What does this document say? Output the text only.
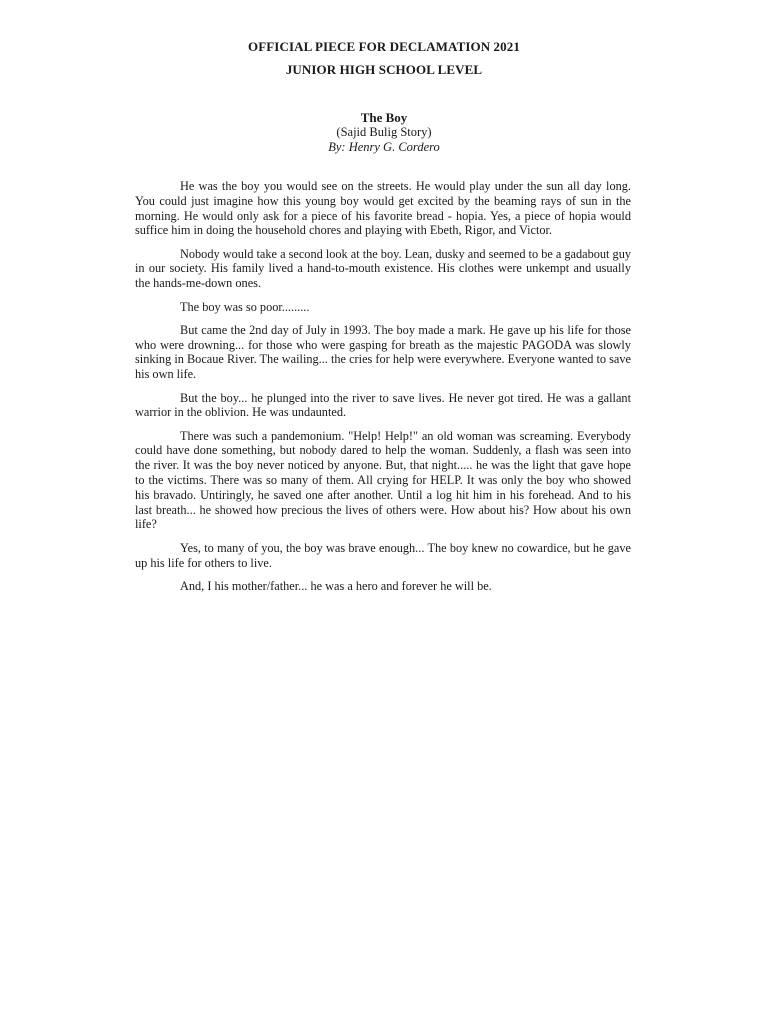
OFFICIAL PIECE FOR DECLAMATION 2021
JUNIOR HIGH SCHOOL LEVEL
The Boy
(Sajid Bulig Story)
By: Henry G. Cordero

He was the boy you would see on the streets. He would play under the sun all day long. You could just imagine how this young boy would get excited by the beaming rays of sun in the morning. He would only ask for a piece of his favorite bread - hopia. Yes, a piece of hopia would suffice him in doing the household chores and playing with Ebeth, Rigor, and Victor.

Nobody would take a second look at the boy. Lean, dusky and seemed to be a gadabout guy in our society. His family lived a hand-to-mouth existence. His clothes were unkempt and usually the hands-me-down ones.

The boy was so poor.........

But came the 2nd day of July in 1993. The boy made a mark. He gave up his life for those who were drowning... for those who were gasping for breath as the majestic PAGODA was slowly sinking in Bocaue River. The wailing... the cries for help were everywhere. Everyone wanted to save his own life.

But the boy... he plunged into the river to save lives. He never got tired. He was a gallant warrior in the oblivion. He was undaunted.

There was such a pandemonium. "Help! Help!" an old woman was screaming. Everybody could have done something, but nobody dared to help the woman. Suddenly, a flash was seen into the river. It was the boy never noticed by anyone. But, that night..... he was the light that gave hope to the victims. There was so many of them. All crying for HELP. It was only the boy who showed his bravado. Untiringly, he saved one after another. Until a log hit him in his forehead. And to his last breath... he showed how precious the lives of others were. How about his? How about his own life?

Yes, to many of you, the boy was brave enough... The boy knew no cowardice, but he gave up his life for others to live.

And, I his mother/father... he was a hero and forever he will be.
